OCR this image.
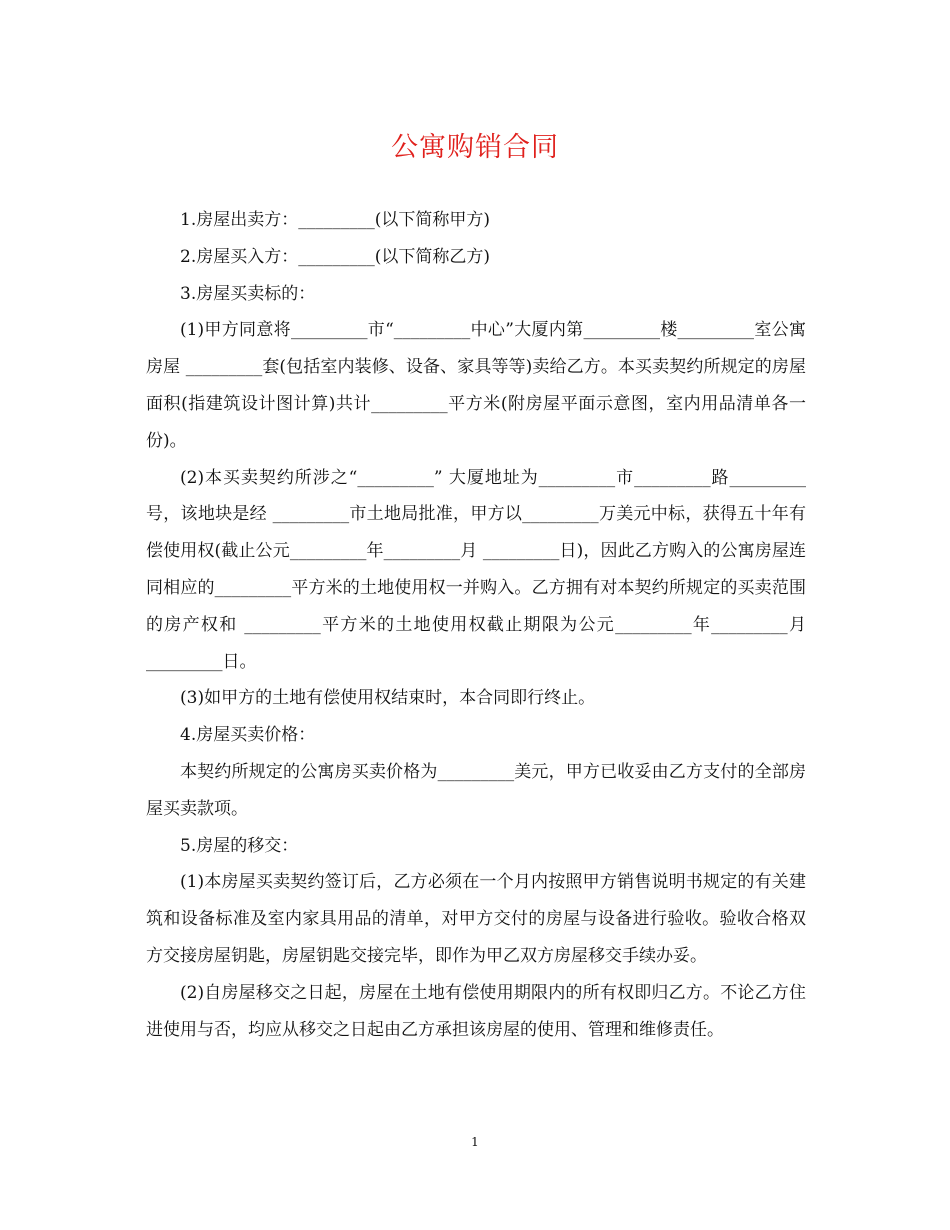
公寓购销合同

1.房屋出卖方：_________(以下简称甲方)

2.房屋买入方：_________(以下简称乙方)

3.房屋买卖标的：

(1)甲方同意将_________市“_________中心”大厦内第_________楼_________室公寓房屋 _________套(包括室内装修、设备、家具等等)卖给乙方。本买卖契约所规定的房屋面积(指建筑设计图计算)共计_________平方米(附房屋平面示意图，室内用品清单各一份)。

(2)本买卖契约所涉之“_________” 大厦地址为_________市_________路_________号，该地块是经 _________市土地局批准，甲方以_________万美元中标，获得五十年有偿使用权(截止公元_________年_________月 _________日)，因此乙方购入的公寓房屋连同相应的_________平方米的土地使用权一并购入。乙方拥有对本契约所规定的买卖范围的房产权和 _________平方米的土地使用权截止期限为公元_________年_________月_________日。

(3)如甲方的土地有偿使用权结束时，本合同即行终止。

4.房屋买卖价格：

本契约所规定的公寓房买卖价格为_________美元，甲方已收妥由乙方支付的全部房屋买卖款项。

5.房屋的移交：

(1)本房屋买卖契约签订后，乙方必须在一个月内按照甲方销售说明书规定的有关建筑和设备标准及室内家具用品的清单，对甲方交付的房屋与设备进行验收。验收合格双方交接房屋钥匙，房屋钥匙交接完毕，即作为甲乙双方房屋移交手续办妥。

(2)自房屋移交之日起，房屋在土地有偿使用期限内的所有权即归乙方。不论乙方住进使用与否，均应从移交之日起由乙方承担该房屋的使用、管理和维修责任。

1
